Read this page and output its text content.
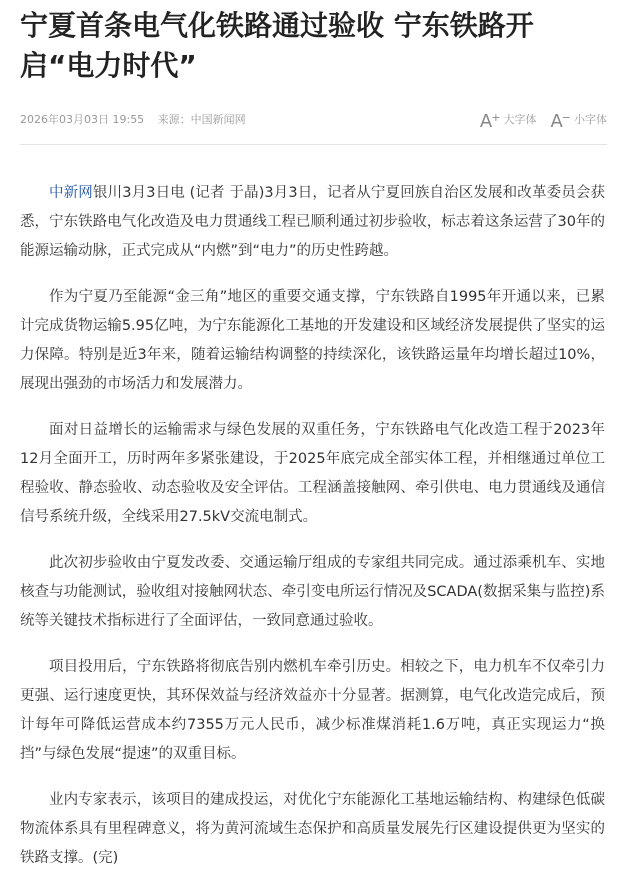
宁夏首条电气化铁路通过验收 宁东铁路开启“电力时代”
2026年03月03日 19:55 来源：中国新闻网	A+ 大字体 A− 小字体

中新网银川3月3日电 (记者 于晶)3月3日，记者从宁夏回族自治区发展和改革委员会获悉，宁东铁路电气化改造及电力贯通线工程已顺利通过初步验收，标志着这条运营了30年的能源运输动脉，正式完成从“内燃”到“电力”的历史性跨越。

作为宁夏乃至能源“金三角”地区的重要交通支撑，宁东铁路自1995年开通以来，已累计完成货物运输5.95亿吨，为宁东能源化工基地的开发建设和区域经济发展提供了坚实的运力保障。特别是近3年来，随着运输结构调整的持续深化，该铁路运量年均增长超过10%，展现出强劲的市场活力和发展潜力。

面对日益增长的运输需求与绿色发展的双重任务，宁东铁路电气化改造工程于2023年12月全面开工，历时两年多紧张建设，于2025年底完成全部实体工程，并相继通过单位工程验收、静态验收、动态验收及安全评估。工程涵盖接触网、牵引供电、电力贯通线及通信信号系统升级，全线采用27.5kV交流电制式。

此次初步验收由宁夏发改委、交通运输厅组成的专家组共同完成。通过添乘机车、实地核查与功能测试，验收组对接触网状态、牵引变电所运行情况及SCADA(数据采集与监控)系统等关键技术指标进行了全面评估，一致同意通过验收。

项目投用后，宁东铁路将彻底告别内燃机车牵引历史。相较之下，电力机车不仅牵引力更强、运行速度更快，其环保效益与经济效益亦十分显著。据测算，电气化改造完成后，预计每年可降低运营成本约7355万元人民币，减少标准煤消耗1.6万吨，真正实现运力“换挡”与绿色发展“提速”的双重目标。

业内专家表示，该项目的建成投运，对优化宁东能源化工基地运输结构、构建绿色低碳物流体系具有里程碑意义，将为黄河流域生态保护和高质量发展先行区建设提供更为坚实的铁路支撑。(完)
